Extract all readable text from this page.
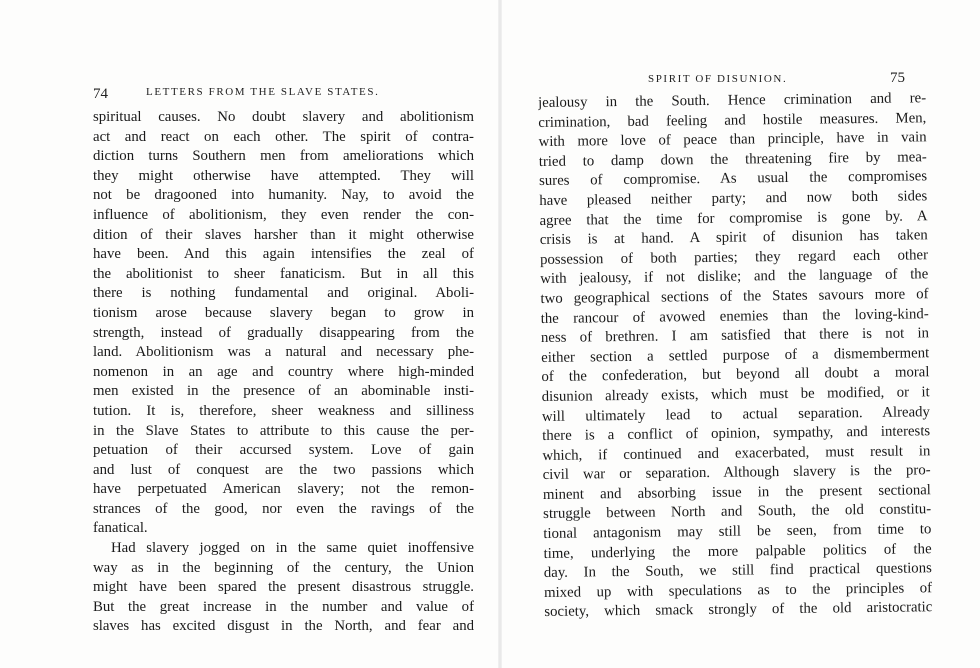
74	LETTERS FROM THE SLAVE STATES.
spiritual causes. No doubt slavery and abolitionism
act and react on each other. The spirit of contra-
diction turns Southern men from ameliorations which
they might otherwise have attempted. They will
not be dragooned into humanity. Nay, to avoid the
influence of abolitionism, they even render the con-
dition of their slaves harsher than it might otherwise
have been. And this again intensifies the zeal of
the abolitionist to sheer fanaticism. But in all this
there is nothing fundamental and original. Aboli-
tionism arose because slavery began to grow in
strength, instead of gradually disappearing from the
land. Abolitionism was a natural and necessary phe-
nomenon in an age and country where high-minded
men existed in the presence of an abominable insti-
tution. It is, therefore, sheer weakness and silliness
in the Slave States to attribute to this cause the per-
petuation of their accursed system. Love of gain
and lust of conquest are the two passions which
have perpetuated American slavery; not the remon-
strances of the good, nor even the ravings of the
fanatical.
Had slavery jogged on in the same quiet inoffensive
way as in the beginning of the century, the Union
might have been spared the present disastrous struggle.
But the great increase in the number and value of
slaves has excited disgust in the North, and fear and
SPIRIT OF DISUNION.	75
jealousy in the South. Hence crimination and re-
crimination, bad feeling and hostile measures. Men,
with more love of peace than principle, have in vain
tried to damp down the threatening fire by mea-
sures of compromise. As usual the compromises
have pleased neither party; and now both sides
agree that the time for compromise is gone by. A
crisis is at hand. A spirit of disunion has taken
possession of both parties; they regard each other
with jealousy, if not dislike; and the language of the
two geographical sections of the States savours more of
the rancour of avowed enemies than the loving-kind-
ness of brethren. I am satisfied that there is not in
either section a settled purpose of a dismemberment
of the confederation, but beyond all doubt a moral
disunion already exists, which must be modified, or it
will ultimately lead to actual separation. Already
there is a conflict of opinion, sympathy, and interests
which, if continued and exacerbated, must result in
civil war or separation. Although slavery is the pro-
minent and absorbing issue in the present sectional
struggle between North and South, the old constitu-
tional antagonism may still be seen, from time to
time, underlying the more palpable politics of the
day. In the South, we still find practical questions
mixed up with speculations as to the principles of
society, which smack strongly of the old aristocratic
